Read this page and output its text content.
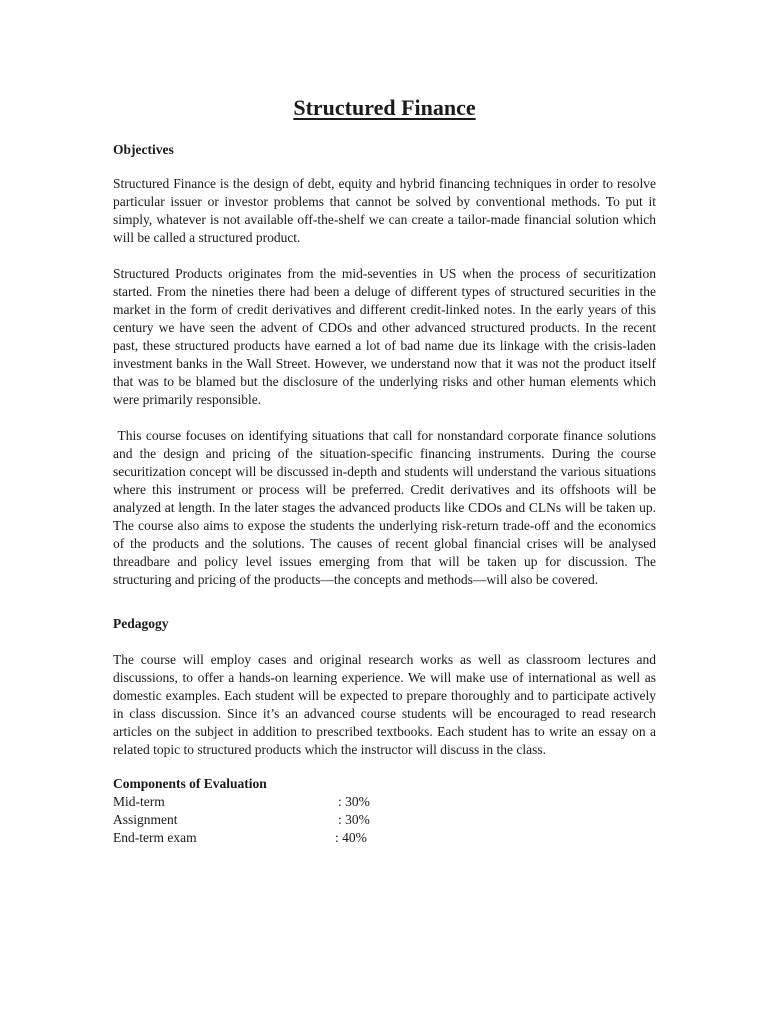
Structured Finance
Objectives

Structured Finance is the design of debt, equity and hybrid financing techniques in order to resolve particular issuer or investor problems that cannot be solved by conventional methods. To put it simply, whatever is not available off-the-shelf we can create a tailor-made financial solution which will be called a structured product.

Structured Products originates from the mid-seventies in US when the process of securitization started. From the nineties there had been a deluge of different types of structured securities in the market in the form of credit derivatives and different credit-linked notes. In the early years of this century we have seen the advent of CDOs and other advanced structured products. In the recent past, these structured products have earned a lot of bad name due its linkage with the crisis-laden investment banks in the Wall Street. However, we understand now that it was not the product itself that was to be blamed but the disclosure of the underlying risks and other human elements which were primarily responsible.

This course focuses on identifying situations that call for nonstandard corporate finance solutions and the design and pricing of the situation-specific financing instruments. During the course securitization concept will be discussed in-depth and students will understand the various situations where this instrument or process will be preferred. Credit derivatives and its offshoots will be analyzed at length. In the later stages the advanced products like CDOs and CLNs will be taken up. The course also aims to expose the students the underlying risk-return trade-off and the economics of the products and the solutions. The causes of recent global financial crises will be analysed threadbare and policy level issues emerging from that will be taken up for discussion. The structuring and pricing of the products—the concepts and methods—will also be covered.

Pedagogy

The course will employ cases and original research works as well as classroom lectures and discussions, to offer a hands-on learning experience. We will make use of international as well as domestic examples. Each student will be expected to prepare thoroughly and to participate actively in class discussion. Since it’s an advanced course students will be encouraged to read research articles on the subject in addition to prescribed textbooks. Each student has to write an essay on a related topic to structured products which the instructor will discuss in the class.

Components of Evaluation
Mid-term	: 30%
Assignment	: 30%
End-term exam	: 40%
